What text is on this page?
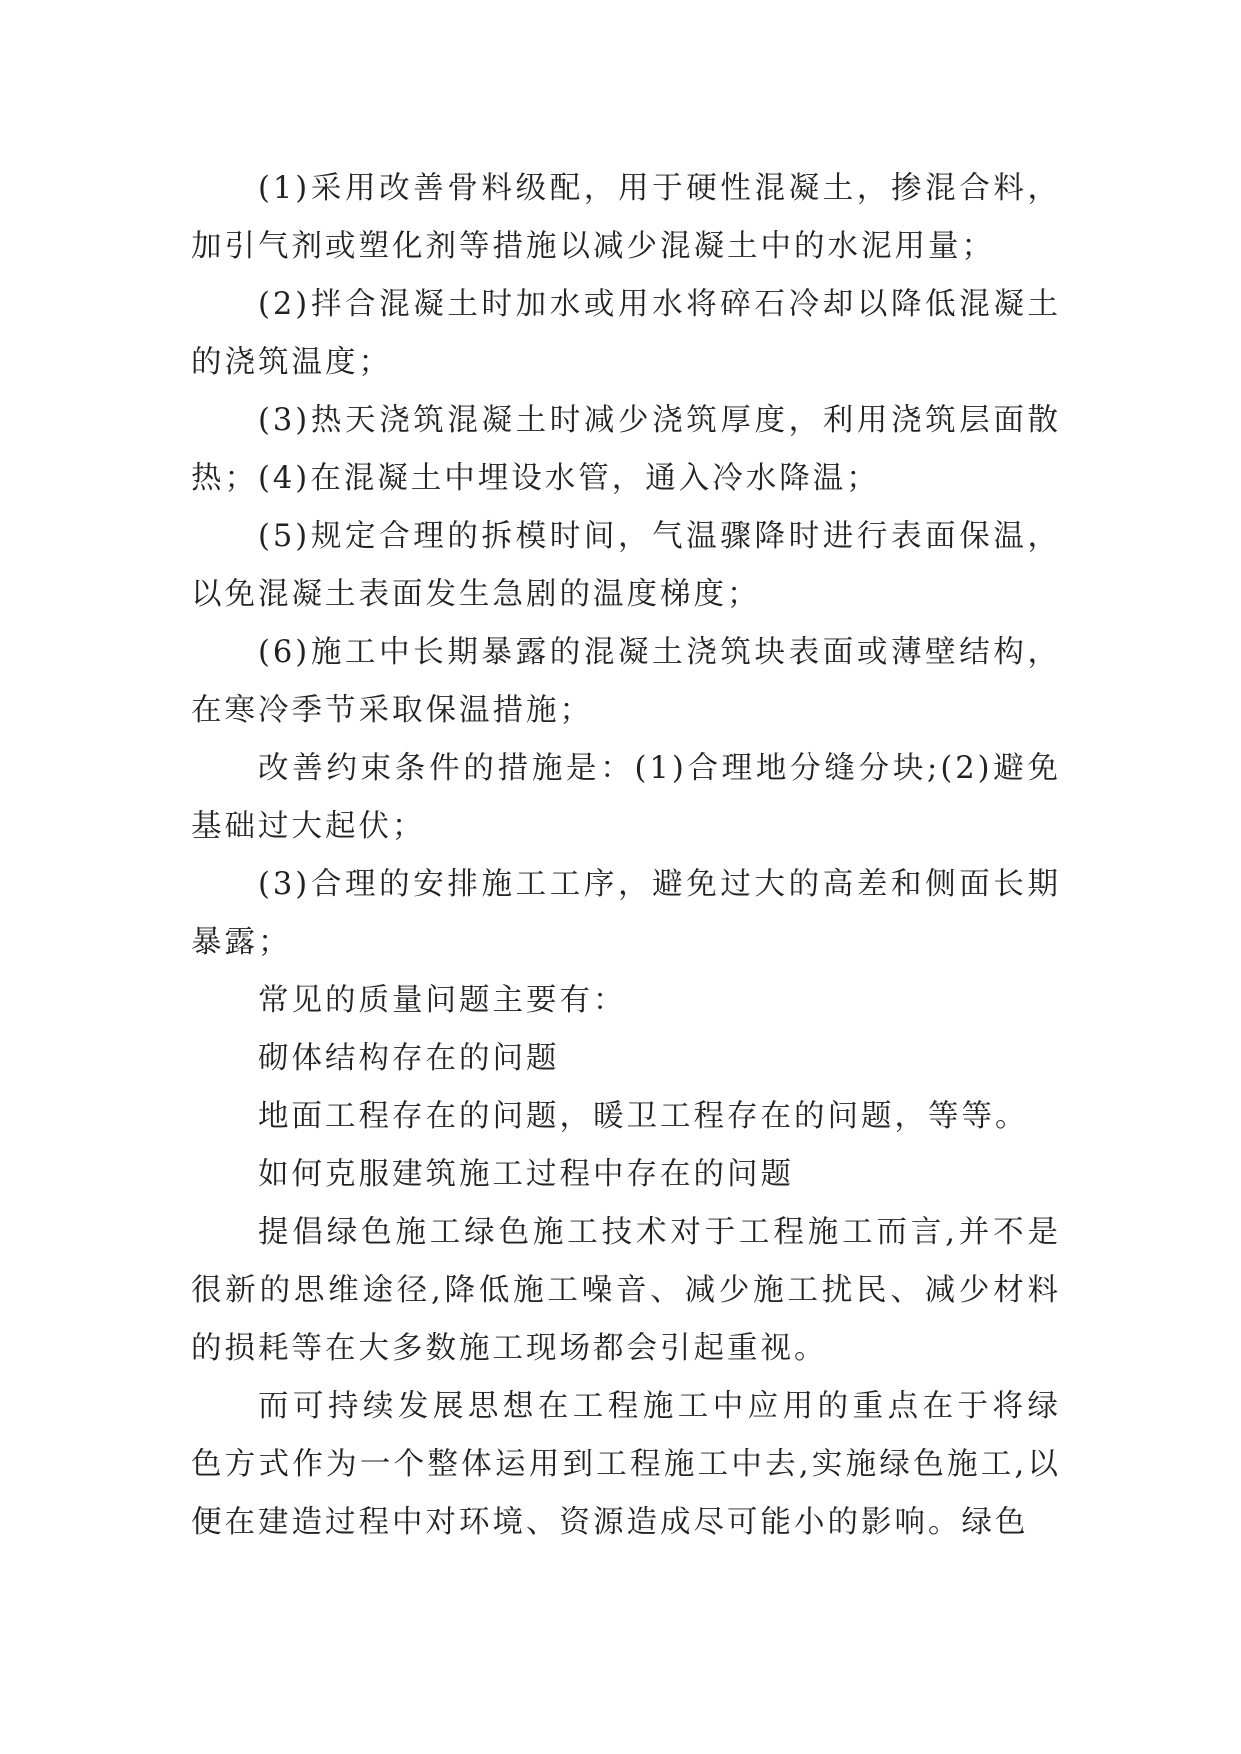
(1)采用改善骨料级配，用于硬性混凝土，掺混合料，加引气剂或塑化剂等措施以减少混凝土中的水泥用量；

(2)拌合混凝土时加水或用水将碎石冷却以降低混凝土的浇筑温度；

(3)热天浇筑混凝土时减少浇筑厚度，利用浇筑层面散热；(4)在混凝土中埋设水管，通入冷水降温；

(5)规定合理的拆模时间，气温骤降时进行表面保温，以免混凝土表面发生急剧的温度梯度；

(6)施工中长期暴露的混凝土浇筑块表面或薄壁结构，在寒冷季节采取保温措施；

改善约束条件的措施是：(1)合理地分缝分块;(2)避免基础过大起伏；

(3)合理的安排施工工序，避免过大的高差和侧面长期暴露；

常见的质量问题主要有：

砌体结构存在的问题

地面工程存在的问题，暖卫工程存在的问题，等等。

如何克服建筑施工过程中存在的问题

提倡绿色施工绿色施工技术对于工程施工而言,并不是很新的思维途径,降低施工噪音、减少施工扰民、减少材料的损耗等在大多数施工现场都会引起重视。

而可持续发展思想在工程施工中应用的重点在于将绿色方式作为一个整体运用到工程施工中去,实施绿色施工,以便在建造过程中对环境、资源造成尽可能小的影响。绿色
